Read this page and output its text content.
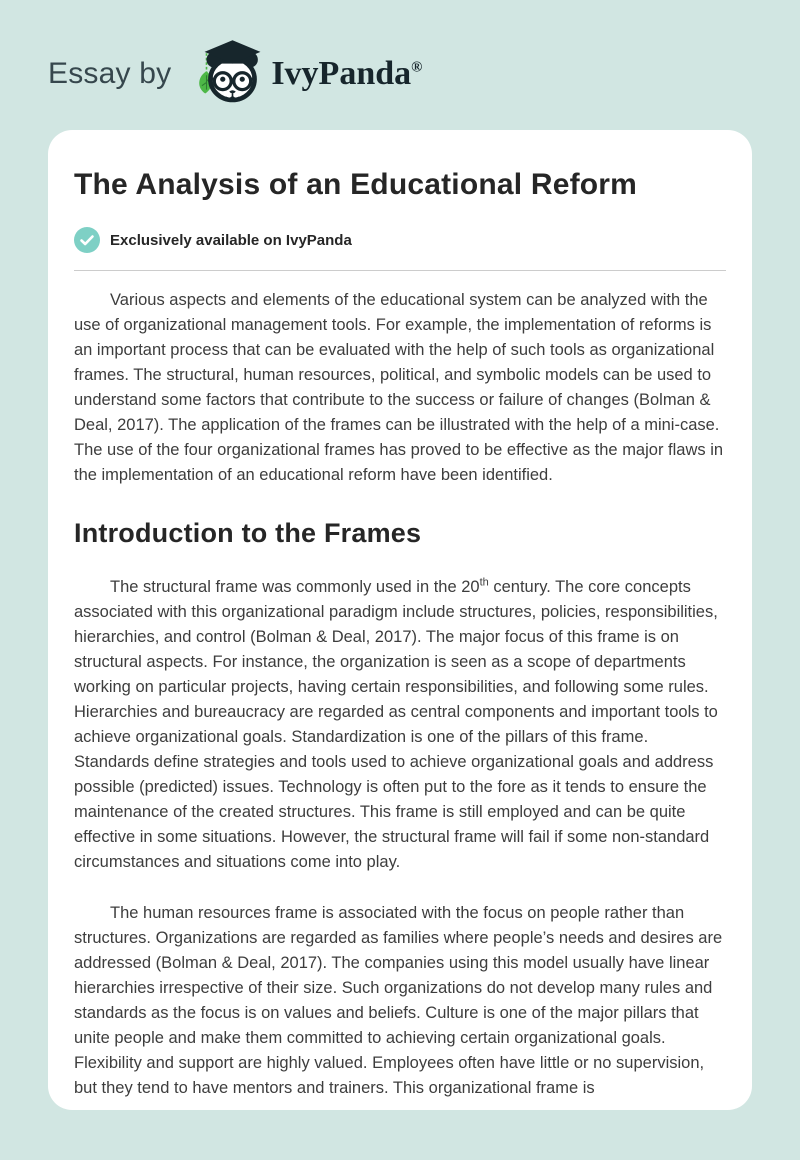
Essay by	IvyPanda®
The Analysis of an Educational Reform
Exclusively available on IvyPanda

Various aspects and elements of the educational system can be analyzed with the use of organizational management tools. For example, the implementation of reforms is an important process that can be evaluated with the help of such tools as organizational frames. The structural, human resources, political, and symbolic models can be used to understand some factors that contribute to the success or failure of changes (Bolman & Deal, 2017). The application of the frames can be illustrated with the help of a mini-case. The use of the four organizational frames has proved to be effective as the major flaws in the implementation of an educational reform have been identified.

Introduction to the Frames

The structural frame was commonly used in the 20th century. The core concepts associated with this organizational paradigm include structures, policies, responsibilities, hierarchies, and control (Bolman & Deal, 2017). The major focus of this frame is on structural aspects. For instance, the organization is seen as a scope of departments working on particular projects, having certain responsibilities, and following some rules. Hierarchies and bureaucracy are regarded as central components and important tools to achieve organizational goals. Standardization is one of the pillars of this frame. Standards define strategies and tools used to achieve organizational goals and address possible (predicted) issues. Technology is often put to the fore as it tends to ensure the maintenance of the created structures. This frame is still employed and can be quite effective in some situations. However, the structural frame will fail if some non-standard circumstances and situations come into play.

The human resources frame is associated with the focus on people rather than structures. Organizations are regarded as families where people’s needs and desires are addressed (Bolman & Deal, 2017). The companies using this model usually have linear hierarchies irrespective of their size. Such organizations do not develop many rules and standards as the focus is on values and beliefs. Culture is one of the major pillars that unite people and make them committed to achieving certain organizational goals. Flexibility and support are highly valued. Employees often have little or no supervision, but they tend to have mentors and trainers. This organizational frame is
